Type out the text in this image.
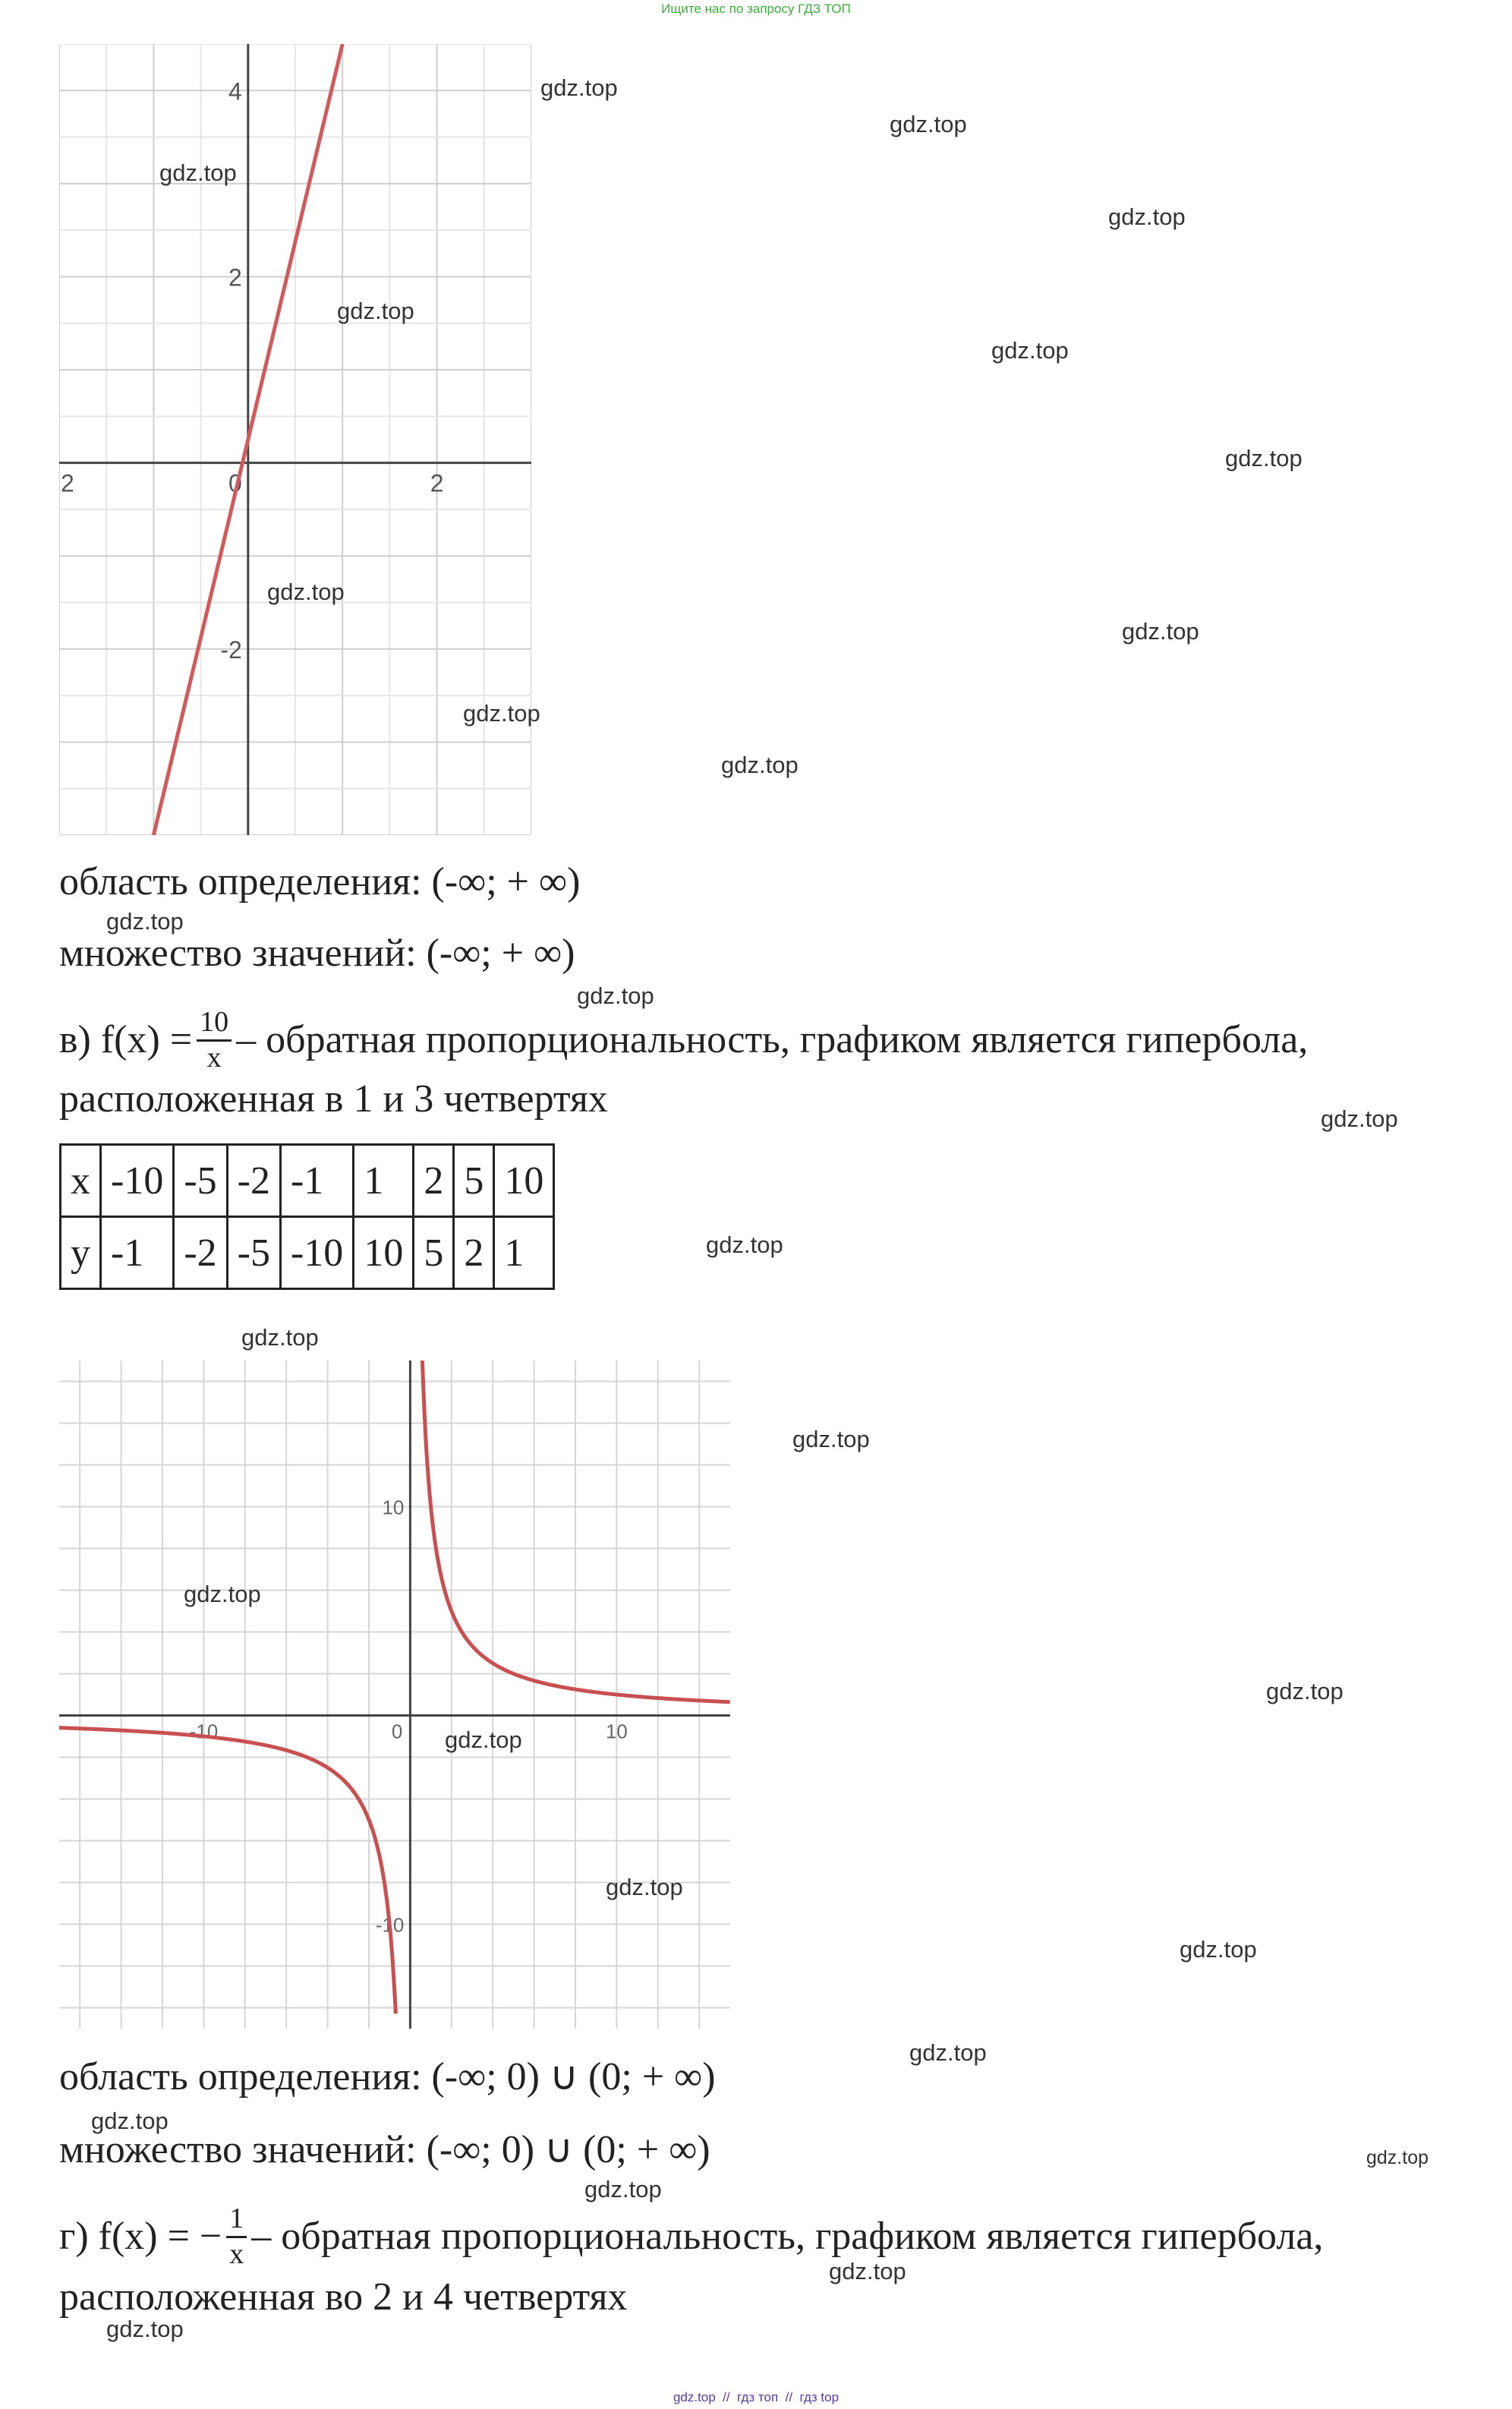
Ищите нас по запросу ГДЗ ТОП
2	2
0
4
2
-2
область определения: (-∞; + ∞)
множество значений: (-∞; + ∞)
в) $f(x) = \frac{10}{x}$ – обратная пропорциональность, графиком является гипербола,
расположенная в 1 и 3 четвертях
x	-10	-5	-2	-1	1	2	5	10
y	-1	-2	-5	-10	10	5	2	1
-10	10
0
10
-10
область определения: (-∞; 0) ∪ (0; + ∞)
множество значений: (-∞; 0) ∪ (0; + ∞)
г) f(x) = − $\frac{1}{x}$ – обратная пропорциональность, графиком является гипербола,
расположенная во 2 и 4 четвертях
gdz.top
gdz.top
gdz.top
gdz.top
gdz.top
gdz.top
gdz.top
gdz.top
gdz.top
gdz.top
gdz.top
gdz.top
gdz.top
gdz.top
gdz.top
gdz.top
gdz.top
gdz.top
gdz.top
gdz.top
gdz.top
gdz.top
gdz.top
gdz.top
gdz.top
gdz.top
gdz.top
gdz.top
gdz.top  //  гдз топ  //  гдз top
